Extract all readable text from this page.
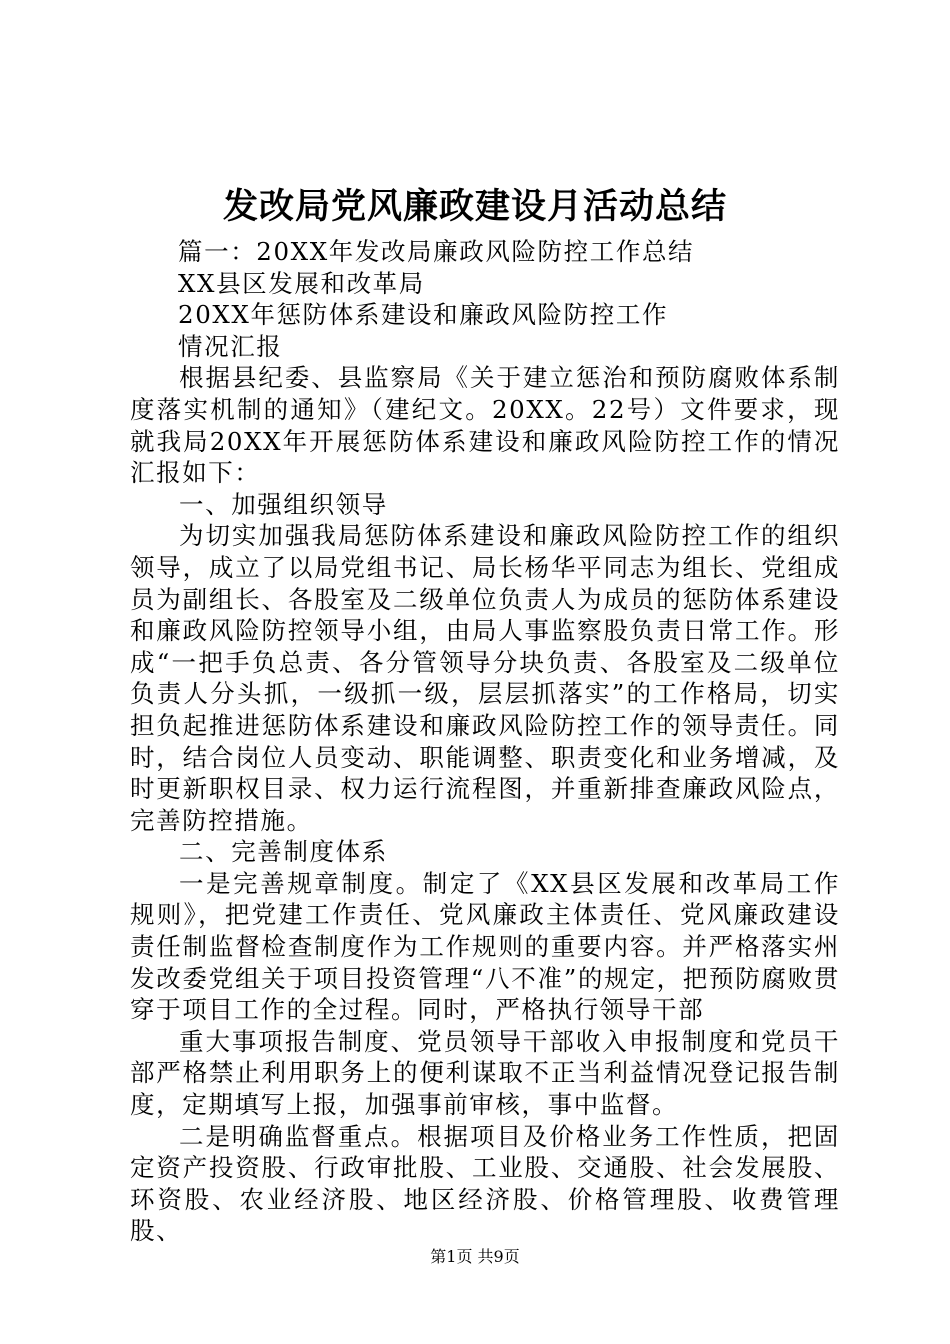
发改局党风廉政建设月活动总结

篇一：20XX年发改局廉政风险防控工作总结

XX县区发展和改革局

20XX年惩防体系建设和廉政风险防控工作

情况汇报

根据县纪委、县监察局《关于建立惩治和预防腐败体系制度落实机制的通知》（建纪文。20XX。22号）文件要求，现就我局20XX年开展惩防体系建设和廉政风险防控工作的情况汇报如下：

一、加强组织领导

为切实加强我局惩防体系建设和廉政风险防控工作的组织领导，成立了以局党组书记、局长杨华平同志为组长、党组成员为副组长、各股室及二级单位负责人为成员的惩防体系建设和廉政风险防控领导小组，由局人事监察股负责日常工作。形成“一把手负总责、各分管领导分块负责、各股室及二级单位负责人分头抓，一级抓一级，层层抓落实”的工作格局，切实担负起推进惩防体系建设和廉政风险防控工作的领导责任。同时，结合岗位人员变动、职能调整、职责变化和业务增减，及时更新职权目录、权力运行流程图，并重新排查廉政风险点，完善防控措施。

二、完善制度体系

一是完善规章制度。制定了《XX县区发展和改革局工作规则》，把党建工作责任、党风廉政主体责任、党风廉政建设责任制监督检查制度作为工作规则的重要内容。并严格落实州发改委党组关于项目投资管理“八不准”的规定，把预防腐败贯穿于项目工作的全过程。同时，严格执行领导干部

重大事项报告制度、党员领导干部收入申报制度和党员干部严格禁止利用职务上的便利谋取不正当利益情况登记报告制度，定期填写上报，加强事前审核，事中监督。

二是明确监督重点。根据项目及价格业务工作性质，把固定资产投资股、行政审批股、工业股、交通股、社会发展股、环资股、农业经济股、地区经济股、价格管理股、收费管理股、

第1页 共9页
